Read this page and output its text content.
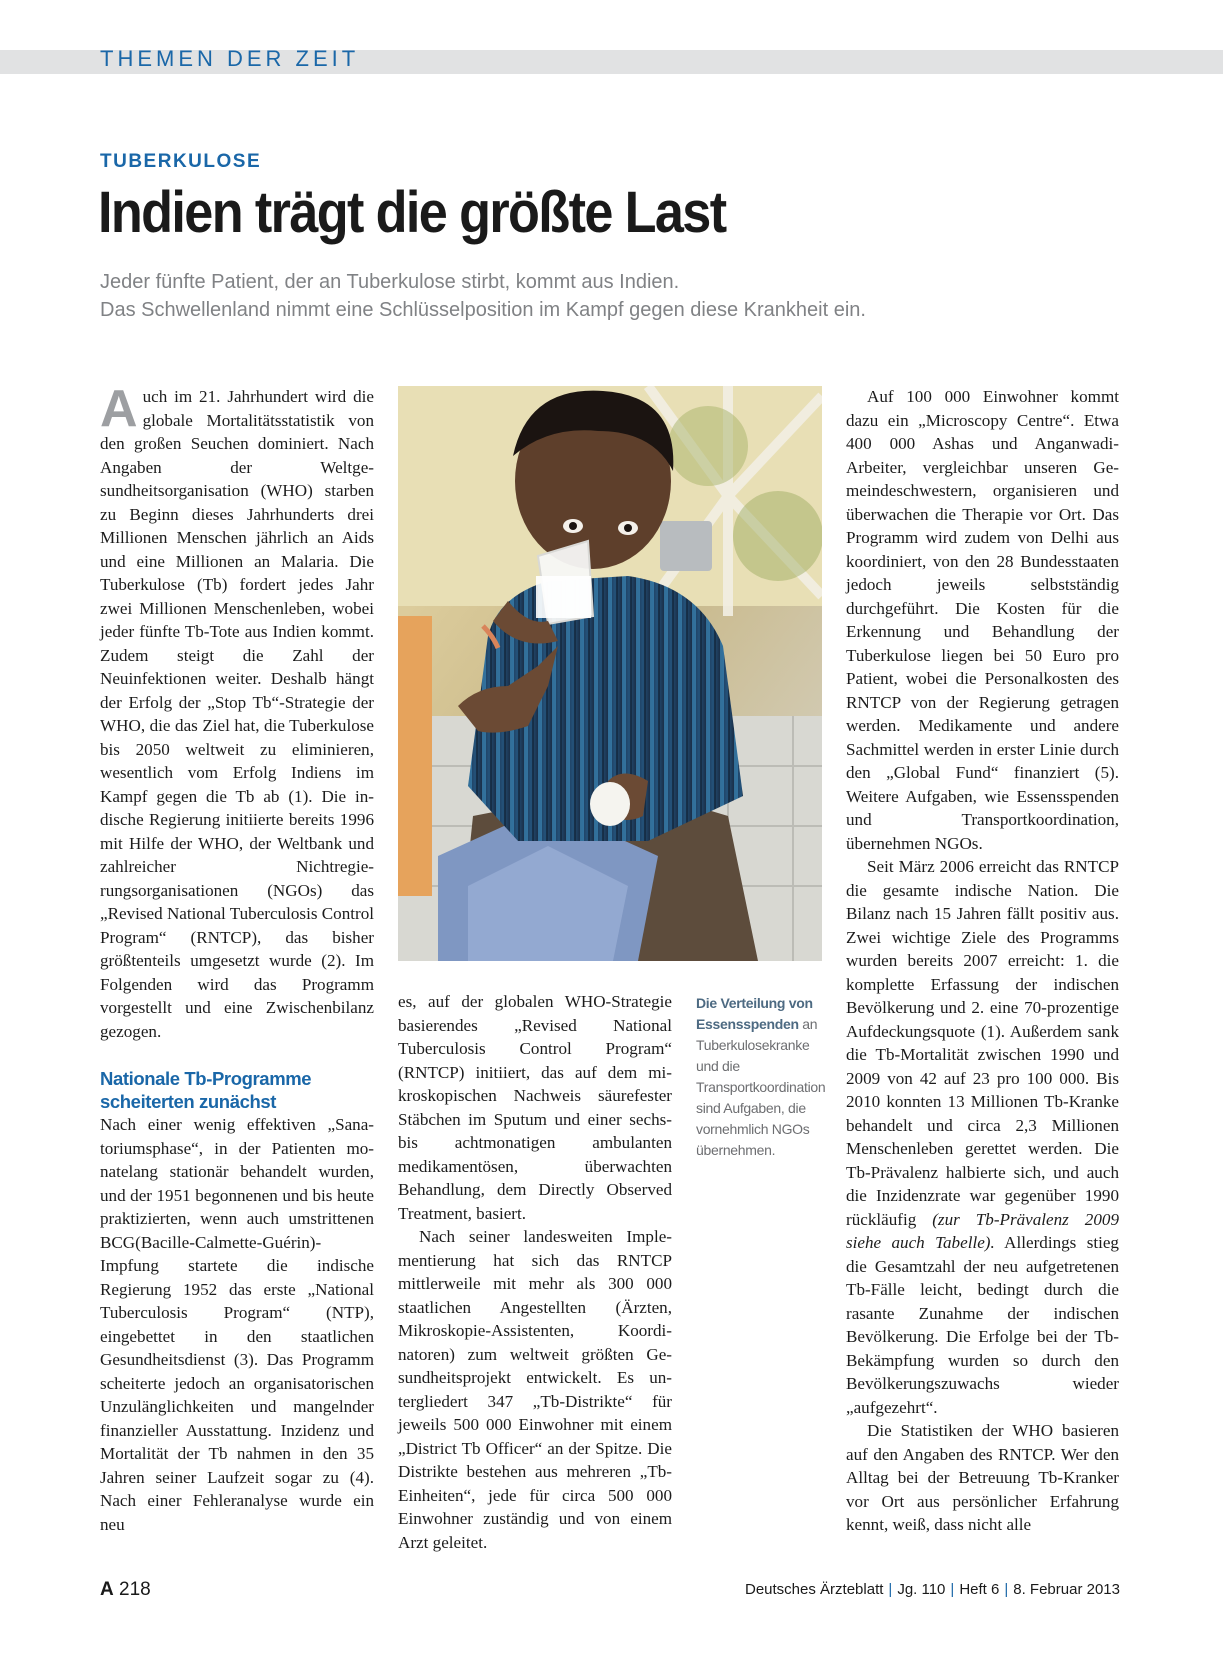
THEMEN DER ZEIT
TUBERKULOSE
Indien trägt die größte Last
Jeder fünfte Patient, der an Tuberkulose stirbt, kommt aus Indien.
Das Schwellenland nimmt eine Schlüsselposition im Kampf gegen diese Krankheit ein.

Auch im 21. Jahrhundert wird die globale Mortalitätsstatistik von den großen Seuchen dominiert. Nach Angaben der Weltgesundheitsorganisation (WHO) starben zu Beginn dieses Jahrhunderts drei Millionen Menschen jährlich an Aids und eine Millionen an Malaria. Die Tuberkulose (Tb) fordert jedes Jahr zwei Millionen Menschenleben, wobei jeder fünfte Tb-Tote aus Indien kommt. Zudem steigt die Zahl der Neuinfektionen weiter. Deshalb hängt der Erfolg der „Stop Tb“-Strategie der WHO, die das Ziel hat, die Tuberkulose bis 2050 weltweit zu eliminieren, wesentlich vom Erfolg Indiens im Kampf gegen die Tb ab (1). Die indische Regierung initiierte bereits 1996 mit Hilfe der WHO, der Weltbank und zahlreicher Nichtregierungsorganisationen (NGOs) das „Revised National Tuberculosis Control Program“ (RNTCP), das bisher größtenteils umgesetzt wurde (2). Im Folgenden wird das Programm vorgestellt und eine Zwischenbilanz gezogen.

Nationale Tb-Programme scheiterten zunächst

Nach einer wenig effektiven „Sanatoriumsphase“, in der Patienten monatelang stationär behandelt wurden, und der 1951 begonnenen und bis heute praktizierten, wenn auch umstrittenen BCG(Bacille-Calmette-Guérin)-Impfung startete die indische Regierung 1952 das erste „National Tuberculosis Program“ (NTP), eingebettet in den staatlichen Gesundheitsdienst (3). Das Programm scheiterte jedoch an organisatorischen Unzulänglichkeiten und mangelnder finanzieller Ausstattung. Inzidenz und Mortalität der Tb nahmen in den 35 Jahren seiner Laufzeit sogar zu (4). Nach einer Fehleranalyse wurde ein neu

Die Verteilung von Essensspenden an Tuberkulosekranke und die Transportkoordination sind Aufgaben, die vornehmlich NGOs übernehmen.

es, auf der globalen WHO-Strategie basierendes „Revised National Tuberculosis Control Program“ (RNTCP) initiiert, das auf dem mikroskopischen Nachweis säurefester Stäbchen im Sputum und einer sechs- bis achtmonatigen ambulanten medikamentösen, überwachten Behandlung, dem Directly Observed Treatment, basiert.

Nach seiner landesweiten Implementierung hat sich das RNTCP mittlerweile mit mehr als 300 000 staatlichen Angestellten (Ärzten, Mikroskopie-Assistenten, Koordinatoren) zum weltweit größten Gesundheitsprojekt entwickelt. Es untergliedert 347 „Tb-Distrikte“ für jeweils 500 000 Einwohner mit einem „District Tb Officer“ an der Spitze. Die Distrikte bestehen aus mehreren „Tb-Einheiten“, jede für circa 500 000 Einwohner zuständig und von einem Arzt geleitet.

Auf 100 000 Einwohner kommt dazu ein „Microscopy Centre“. Etwa 400 000 Ashas und Anganwadi-Arbeiter, vergleichbar unseren Gemeindeschwestern, organisieren und überwachen die Therapie vor Ort. Das Programm wird zudem von Delhi aus koordiniert, von den 28 Bundesstaaten jedoch jeweils selbstständig durchgeführt. Die Kosten für die Erkennung und Behandlung der Tuberkulose liegen bei 50 Euro pro Patient, wobei die Personalkosten des RNTCP von der Regierung getragen werden. Medikamente und andere Sachmittel werden in erster Linie durch den „Global Fund“ finanziert (5). Weitere Aufgaben, wie Essensspenden und Transportkoordination, übernehmen NGOs.

Seit März 2006 erreicht das RNTCP die gesamte indische Nation. Die Bilanz nach 15 Jahren fällt positiv aus. Zwei wichtige Ziele des Programms wurden bereits 2007 erreicht: 1. die komplette Erfassung der indischen Bevölkerung und 2. eine 70-prozentige Aufdeckungsquote (1). Außerdem sank die Tb-Mortalität zwischen 1990 und 2009 von 42 auf 23 pro 100 000. Bis 2010 konnten 13 Millionen Tb-Kranke behandelt und circa 2,3 Millionen Menschenleben gerettet werden. Die Tb-Prävalenz halbierte sich, und auch die Inzidenzrate war gegenüber 1990 rückläufig (zur Tb-Prävalenz 2009 siehe auch Tabelle). Allerdings stieg die Gesamtzahl der neu aufgetretenen Tb-Fälle leicht, bedingt durch die rasante Zunahme der indischen Bevölkerung. Die Erfolge bei der Tb-Bekämpfung wurden so durch den Bevölkerungszuwachs wieder „aufgezehrt“.

Die Statistiken der WHO basieren auf den Angaben des RNTCP. Wer den Alltag bei der Betreuung Tb-Kranker vor Ort aus persönlicher Erfahrung kennt, weiß, dass nicht alle

A 218	Deutsches Ärzteblatt | Jg. 110 | Heft 6 | 8. Februar 2013
